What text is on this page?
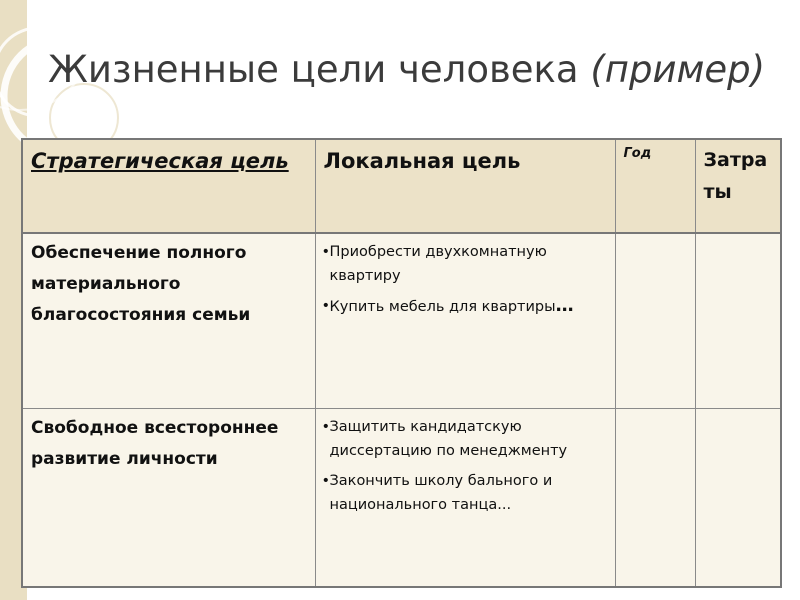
Жизненные цели человека (пример)
Стратегическая цель	Локальная цель	Год	Затра
ты
Обеспечение полного материального благосостояния семьи	• Приобрести двухкомнатную квартиру
• Купить мебель для квартиры…		

Свободное всестороннее развитие личности	• Защитить кандидатскую диссертацию по менеджменту
• Закончить школу бального и национального танца...		
